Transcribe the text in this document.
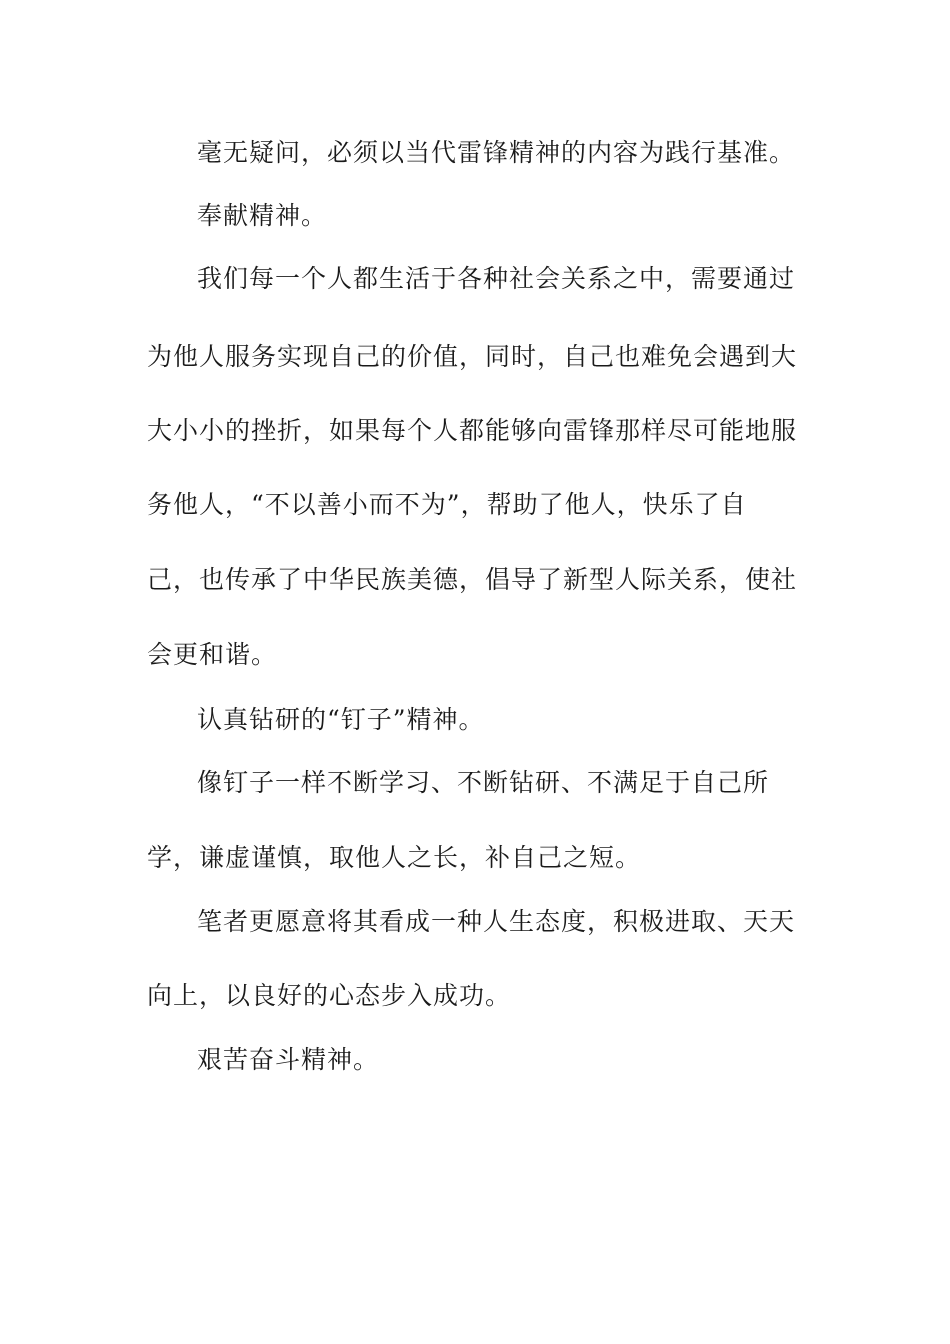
毫无疑问，必须以当代雷锋精神的内容为践行基准。
奉献精神。
我们每一个人都生活于各种社会关系之中，需要通过
为他人服务实现自己的价值，同时，自己也难免会遇到大
大小小的挫折，如果每个人都能够向雷锋那样尽可能地服
务他人，“不以善小而不为”，帮助了他人，快乐了自
己，也传承了中华民族美德，倡导了新型人际关系，使社
会更和谐。
认真钻研的“钉子”精神。
像钉子一样不断学习、不断钻研、不满足于自己所
学，谦虚谨慎，取他人之长，补自己之短。
笔者更愿意将其看成一种人生态度，积极进取、天天
向上，以良好的心态步入成功。
艰苦奋斗精神。
